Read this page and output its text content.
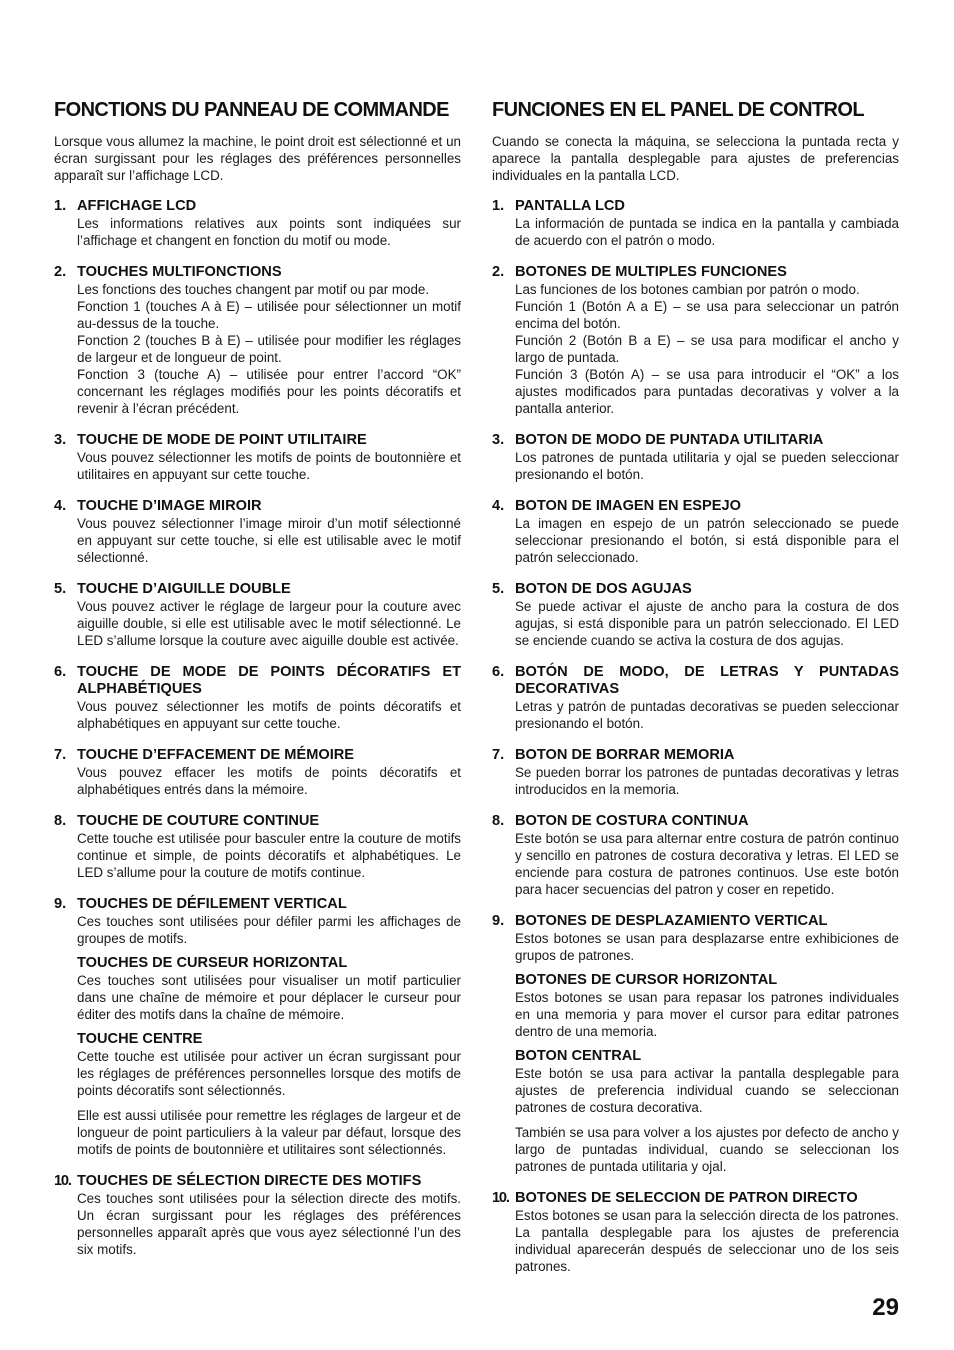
FONCTIONS DU PANNEAU DE COMMANDE

Lorsque vous allumez la machine, le point droit est sélectionné et un écran surgissant pour les réglages des préférences personnelles apparaît sur l’affichage LCD.

1. AFFICHAGE LCD

Les informations relatives aux points sont indiquées sur l’affichage et changent en fonction du motif ou mode.

2. TOUCHES MULTIFONCTIONS

Les fonctions des touches changent par motif ou par mode.

Fonction 1 (touches A à E) – utilisée pour sélectionner un motif au-dessus de la touche.

Fonction 2 (touches B à E) – utilisée pour modifier les réglages de largeur et de longueur de point.

Fonction 3 (touche A) – utilisée pour entrer l’accord “OK” concernant les réglages modifiés pour les points décoratifs et revenir à l’écran précédent.

3. TOUCHE DE MODE DE POINT UTILITAIRE

Vous pouvez sélectionner les motifs de points de boutonnière et utilitaires en appuyant sur cette touche.

4. TOUCHE D’IMAGE MIROIR

Vous pouvez sélectionner l’image miroir d’un motif sélectionné en appuyant sur cette touche, si elle est utilisable avec le motif sélectionné.

5. TOUCHE D’AIGUILLE DOUBLE

Vous pouvez activer le réglage de largeur pour la couture avec aiguille double, si elle est utilisable avec le motif sélectionné. Le LED s’allume lorsque la couture avec aiguille double est activée.

6. TOUCHE DE MODE DE POINTS DÉCORATIFS ET ALPHABÉTIQUES

Vous pouvez sélectionner les motifs de points décoratifs et alphabétiques en appuyant sur cette touche.

7. TOUCHE D’EFFACEMENT DE MÉMOIRE

Vous pouvez effacer les motifs de points décoratifs et alphabétiques entrés dans la mémoire.

8. TOUCHE DE COUTURE CONTINUE

Cette touche est utilisée pour basculer entre la couture de motifs continue et simple, de points décoratifs et alphabétiques. Le LED s’allume pour la couture de motifs continue.

9. TOUCHES DE DÉFILEMENT VERTICAL

Ces touches sont utilisées pour défiler parmi les affichages de groupes de motifs.

TOUCHES DE CURSEUR HORIZONTAL

Ces touches sont utilisées pour visualiser un motif particulier dans une chaîne de mémoire et pour déplacer le curseur pour éditer des motifs dans la chaîne de mémoire.

TOUCHE CENTRE

Cette touche est utilisée pour activer un écran surgissant pour les réglages de préférences personnelles lorsque des motifs de points décoratifs sont sélectionnés.

Elle est aussi utilisée pour remettre les réglages de largeur et de longueur de point particuliers à la valeur par défaut, lorsque des motifs de points de boutonnière et utilitaires sont sélectionnés.

10. TOUCHES DE SÉLECTION DIRECTE DES MOTIFS

Ces touches sont utilisées pour la sélection directe des motifs. Un écran surgissant pour les réglages des préférences personnelles apparaît après que vous ayez sélectionné l’un des six motifs.

FUNCIONES EN EL PANEL DE CONTROL

Cuando se conecta la máquina, se selecciona la puntada recta y aparece la pantalla desplegable para ajustes de preferencias individuales en la pantalla LCD.

1. PANTALLA LCD

La información de puntada se indica en la pantalla y cambiada de acuerdo con el patrón o modo.

2. BOTONES DE MULTIPLES FUNCIONES

Las funciones de los botones cambian por patrón o modo.

Función 1 (Botón A a E) – se usa para seleccionar un patrón encima del botón.

Función 2 (Botón B a E) – se usa para modificar el ancho y largo de puntada.

Función 3 (Botón A) – se usa para introducir el “OK” a los ajustes modificados para puntadas decorativas y volver a la pantalla anterior.

3. BOTON DE MODO DE PUNTADA UTILITARIA

Los patrones de puntada utilitaria y ojal se pueden seleccionar presionando el botón.

4. BOTON DE IMAGEN EN ESPEJO

La imagen en espejo de un patrón seleccionado se puede seleccionar presionando el botón, si está disponible para el patrón seleccionado.

5. BOTON DE DOS AGUJAS

Se puede activar el ajuste de ancho para la costura de dos agujas, si está disponible para un patrón seleccionado. El LED se enciende cuando se activa la costura de dos agujas.

6. BOTÓN DE MODO, DE LETRAS Y PUNTADAS DECORATIVAS

Letras y patrón de puntadas decorativas se pueden seleccionar presionando el botón.

7. BOTON DE BORRAR MEMORIA

Se pueden borrar los patrones de puntadas decorativas y letras introducidos en la memoria.

8. BOTON DE COSTURA CONTINUA

Este botón se usa para alternar entre costura de patrón continuo y sencillo en patrones de costura decorativa y letras. El LED se enciende para costura de patrones continuos. Use este botón para hacer secuencias del patron y coser en repetido.

9. BOTONES DE DESPLAZAMIENTO VERTICAL

Estos botones se usan para desplazarse entre exhibiciones de grupos de patrones.

BOTONES DE CURSOR HORIZONTAL

Estos botones se usan para repasar los patrones individuales en una memoria y para mover el cursor para editar patrones dentro de una memoria.

BOTON CENTRAL

Este botón se usa para activar la pantalla desplegable para ajustes de preferencia individual cuando se seleccionan patrones de costura decorativa.

También se usa para volver a los ajustes por defecto de ancho y largo de puntadas individual, cuando se seleccionan los patrones de puntada utilitaria y ojal.

10. BOTONES DE SELECCION DE PATRON DIRECTO

Estos botones se usan para la selección directa de los patrones. La pantalla desplegable para los ajustes de preferencia individual aparecerán después de seleccionar uno de los seis patrones.

29
